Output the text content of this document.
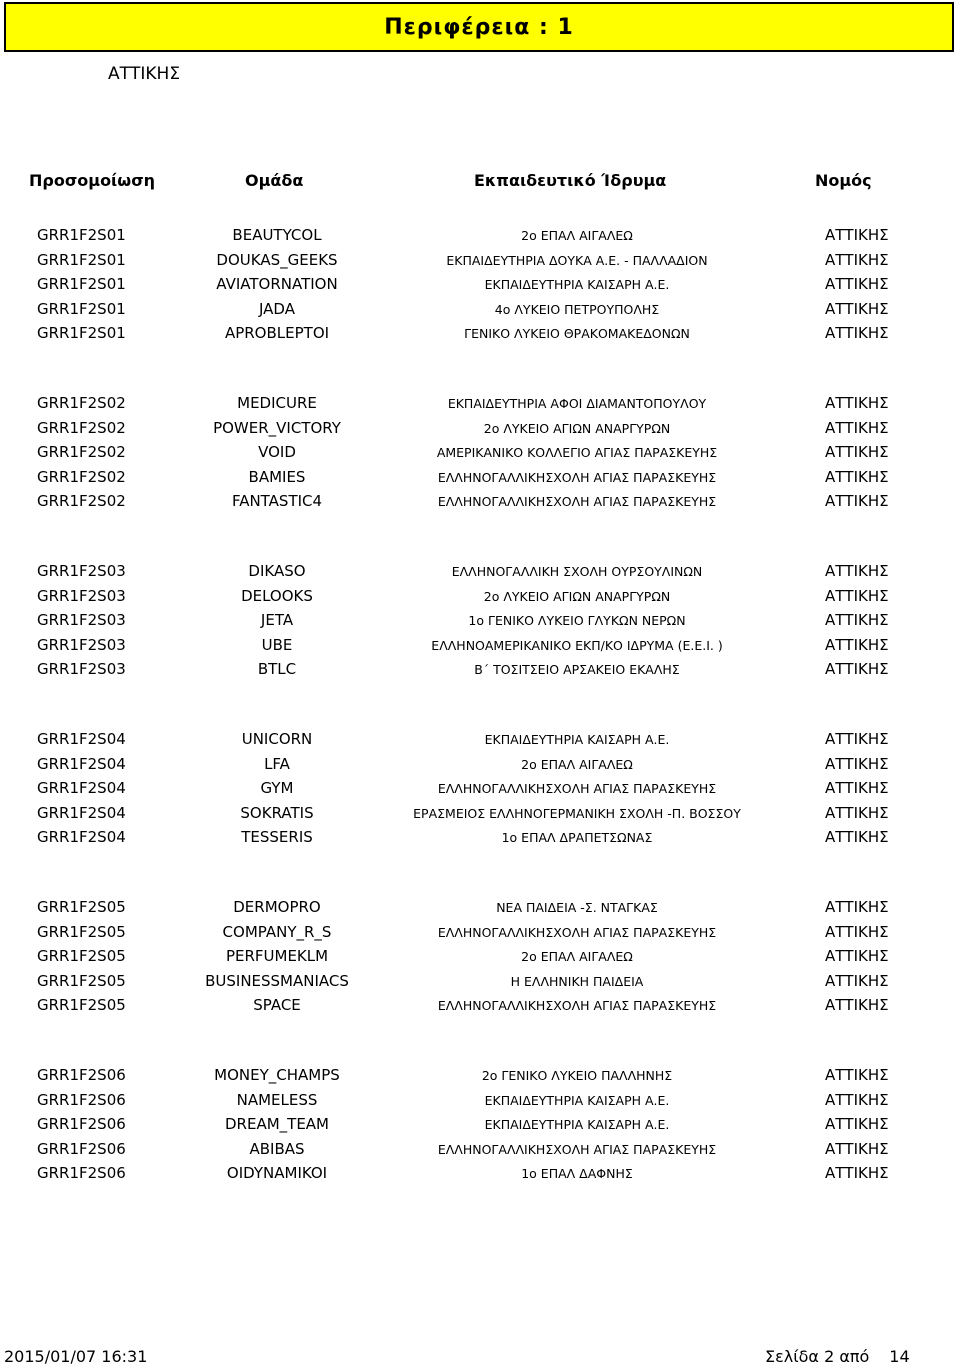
Περιφέρεια : 1
ΑΤΤΙΚΗΣ
Προσομοίωση	Ομάδα	Εκπαιδευτικό Ίδρυμα	Νομός
GRR1F2S01	BEAUTYCOL	2ο ΕΠΑΛ ΑΙΓΑΛΕΩ	ΑΤΤΙΚΗΣ
GRR1F2S01	DOUKAS_GEEKS	ΕΚΠΑΙΔΕΥΤΗΡΙΑ ΔΟΥΚΑ Α.Ε. - ΠΑΛΛΑΔΙΟΝ	ΑΤΤΙΚΗΣ
GRR1F2S01	AVIATORNATION	ΕΚΠΑΙΔΕΥΤΗΡΙΑ ΚΑΙΣΑΡΗ Α.Ε.	ΑΤΤΙΚΗΣ
GRR1F2S01	JADA	4ο ΛΥΚΕΙΟ ΠΕΤΡΟΥΠΟΛΗΣ	ΑΤΤΙΚΗΣ
GRR1F2S01	APROBLEPTOI	ΓΕΝΙΚΟ ΛΥΚΕΙΟ ΘΡΑΚΟΜΑΚΕΔΟΝΩΝ	ΑΤΤΙΚΗΣ
GRR1F2S02	MEDICURE	ΕΚΠΑΙΔΕΥΤΗΡΙΑ ΑΦΟΙ ΔΙΑΜΑΝΤΟΠΟΥΛΟΥ	ΑΤΤΙΚΗΣ
GRR1F2S02	POWER_VICTORY	2ο ΛΥΚΕΙΟ ΑΓΙΩΝ ΑΝΑΡΓΥΡΩΝ	ΑΤΤΙΚΗΣ
GRR1F2S02	VOID	ΑΜΕΡΙΚΑΝΙΚΟ ΚΟΛΛΕΓΙΟ ΑΓΙΑΣ ΠΑΡΑΣΚΕΥΗΣ	ΑΤΤΙΚΗΣ
GRR1F2S02	BAMIES	ΕΛΛΗΝΟΓΑΛΛΙΚΗΣΧΟΛΗ ΑΓΙΑΣ ΠΑΡΑΣΚΕΥΗΣ	ΑΤΤΙΚΗΣ
GRR1F2S02	FANTASTIC4	ΕΛΛΗΝΟΓΑΛΛΙΚΗΣΧΟΛΗ ΑΓΙΑΣ ΠΑΡΑΣΚΕΥΗΣ	ΑΤΤΙΚΗΣ
GRR1F2S03	DIKASO	ΕΛΛΗΝΟΓΑΛΛΙΚΗ ΣΧΟΛΗ ΟΥΡΣΟΥΛΙΝΩΝ	ΑΤΤΙΚΗΣ
GRR1F2S03	DELOOKS	2ο ΛΥΚΕΙΟ ΑΓΙΩΝ ΑΝΑΡΓΥΡΩΝ	ΑΤΤΙΚΗΣ
GRR1F2S03	JETA	1ο ΓΕΝΙΚΟ ΛΥΚΕΙΟ ΓΛΥΚΩΝ ΝΕΡΩΝ	ΑΤΤΙΚΗΣ
GRR1F2S03	UBE	ΕΛΛΗΝΟΑΜΕΡΙΚΑΝΙΚΟ ΕΚΠ/ΚΟ ΙΔΡΥΜΑ (Ε.Ε.Ι. )	ΑΤΤΙΚΗΣ
GRR1F2S03	BTLC	Β΄ ΤΟΣΙΤΣΕΙΟ ΑΡΣΑΚΕΙΟ ΕΚΑΛΗΣ	ΑΤΤΙΚΗΣ
GRR1F2S04	UNICORN	ΕΚΠΑΙΔΕΥΤΗΡΙΑ ΚΑΙΣΑΡΗ Α.Ε.	ΑΤΤΙΚΗΣ
GRR1F2S04	LFA	2ο ΕΠΑΛ ΑΙΓΑΛΕΩ	ΑΤΤΙΚΗΣ
GRR1F2S04	GYM	ΕΛΛΗΝΟΓΑΛΛΙΚΗΣΧΟΛΗ ΑΓΙΑΣ ΠΑΡΑΣΚΕΥΗΣ	ΑΤΤΙΚΗΣ
GRR1F2S04	SOKRATIS	ΕΡΑΣΜΕΙΟΣ ΕΛΛΗΝΟΓΕΡΜΑΝΙΚΗ ΣΧΟΛΗ -Π. ΒΟΣΣΟΥ	ΑΤΤΙΚΗΣ
GRR1F2S04	TESSERIS	1ο ΕΠΑΛ ΔΡΑΠΕΤΣΩΝΑΣ	ΑΤΤΙΚΗΣ
GRR1F2S05	DERMOPRO	ΝΕΑ ΠΑΙΔΕΙΑ -Σ. ΝΤΑΓΚΑΣ	ΑΤΤΙΚΗΣ
GRR1F2S05	COMPANY_R_S	ΕΛΛΗΝΟΓΑΛΛΙΚΗΣΧΟΛΗ ΑΓΙΑΣ ΠΑΡΑΣΚΕΥΗΣ	ΑΤΤΙΚΗΣ
GRR1F2S05	PERFUMEKLM	2ο ΕΠΑΛ ΑΙΓΑΛΕΩ	ΑΤΤΙΚΗΣ
GRR1F2S05	BUSINESSMANIACS	Η ΕΛΛΗΝΙΚΗ ΠΑΙΔΕΙΑ	ΑΤΤΙΚΗΣ
GRR1F2S05	SPACE	ΕΛΛΗΝΟΓΑΛΛΙΚΗΣΧΟΛΗ ΑΓΙΑΣ ΠΑΡΑΣΚΕΥΗΣ	ΑΤΤΙΚΗΣ
GRR1F2S06	MONEY_CHAMPS	2ο ΓΕΝΙΚΟ ΛΥΚΕΙΟ ΠΑΛΛΗΝΗΣ	ΑΤΤΙΚΗΣ
GRR1F2S06	NAMELESS	ΕΚΠΑΙΔΕΥΤΗΡΙΑ ΚΑΙΣΑΡΗ Α.Ε.	ΑΤΤΙΚΗΣ
GRR1F2S06	DREAM_TEAM	ΕΚΠΑΙΔΕΥΤΗΡΙΑ ΚΑΙΣΑΡΗ Α.Ε.	ΑΤΤΙΚΗΣ
GRR1F2S06	ABIBAS	ΕΛΛΗΝΟΓΑΛΛΙΚΗΣΧΟΛΗ ΑΓΙΑΣ ΠΑΡΑΣΚΕΥΗΣ	ΑΤΤΙΚΗΣ
GRR1F2S06	OIDYNAMIKOI	1ο ΕΠΑΛ ΔΑΦΝΗΣ	ΑΤΤΙΚΗΣ
2015/01/07 16:31	Σελίδα 2 από 14
